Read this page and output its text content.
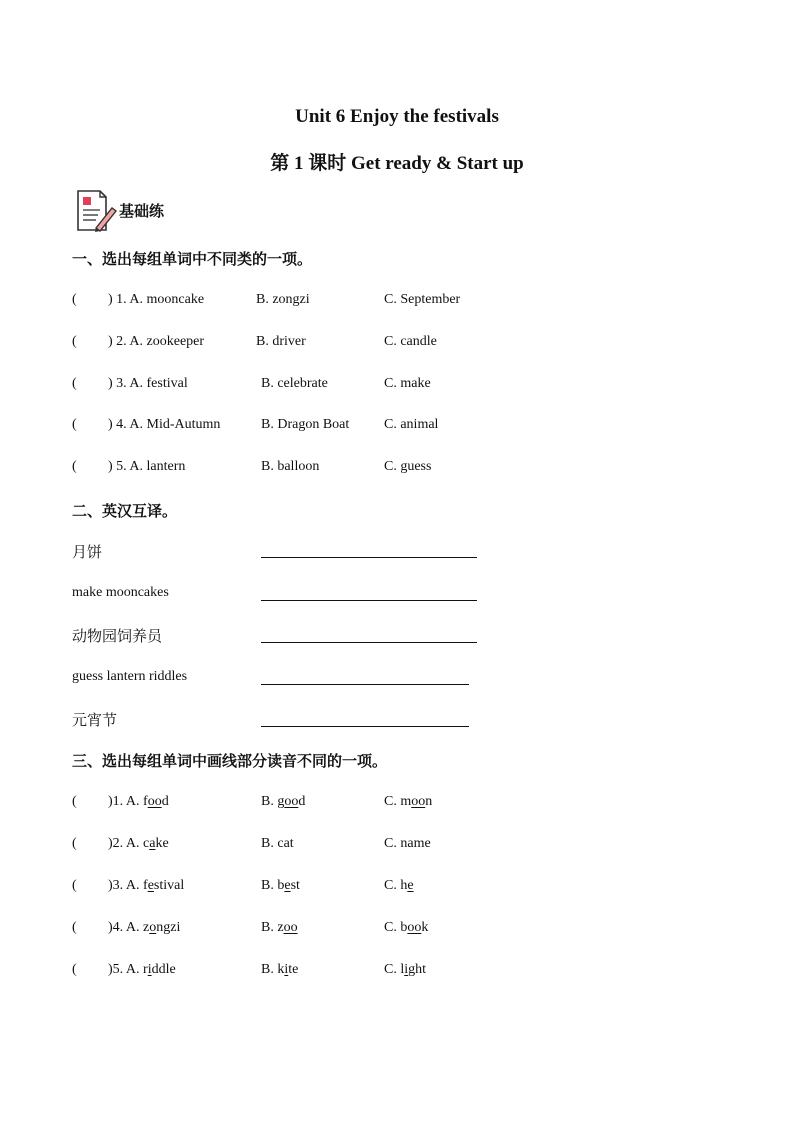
Unit 6 Enjoy the festivals
第 1 课时 Get ready & Start up
基础练
一、选出每组单词中不同类的一项。
( ) 1. A. mooncake	B. zongzi	C. September
( ) 2. A. zookeeper	B. driver	C. candle
( ) 3. A. festival	B. celebrate	C. make
( ) 4. A. Mid-Autumn	B. Dragon Boat C. animal
( ) 5. A. lantern	B. balloon	C. guess
二、英汉互译。
月饼
make mooncakes
动物园饲养员
guess lantern riddles
元宵节
三、选出每组单词中画线部分读音不同的一项。
( )1. A. food	B. good	C. moon
( )2. A. cake	B. cat	C. name
( )3. A. festival	B. best	C. he
( )4. A. zongzi	B. zoo	C. book
( )5. A. riddle	B. kite	C. light
